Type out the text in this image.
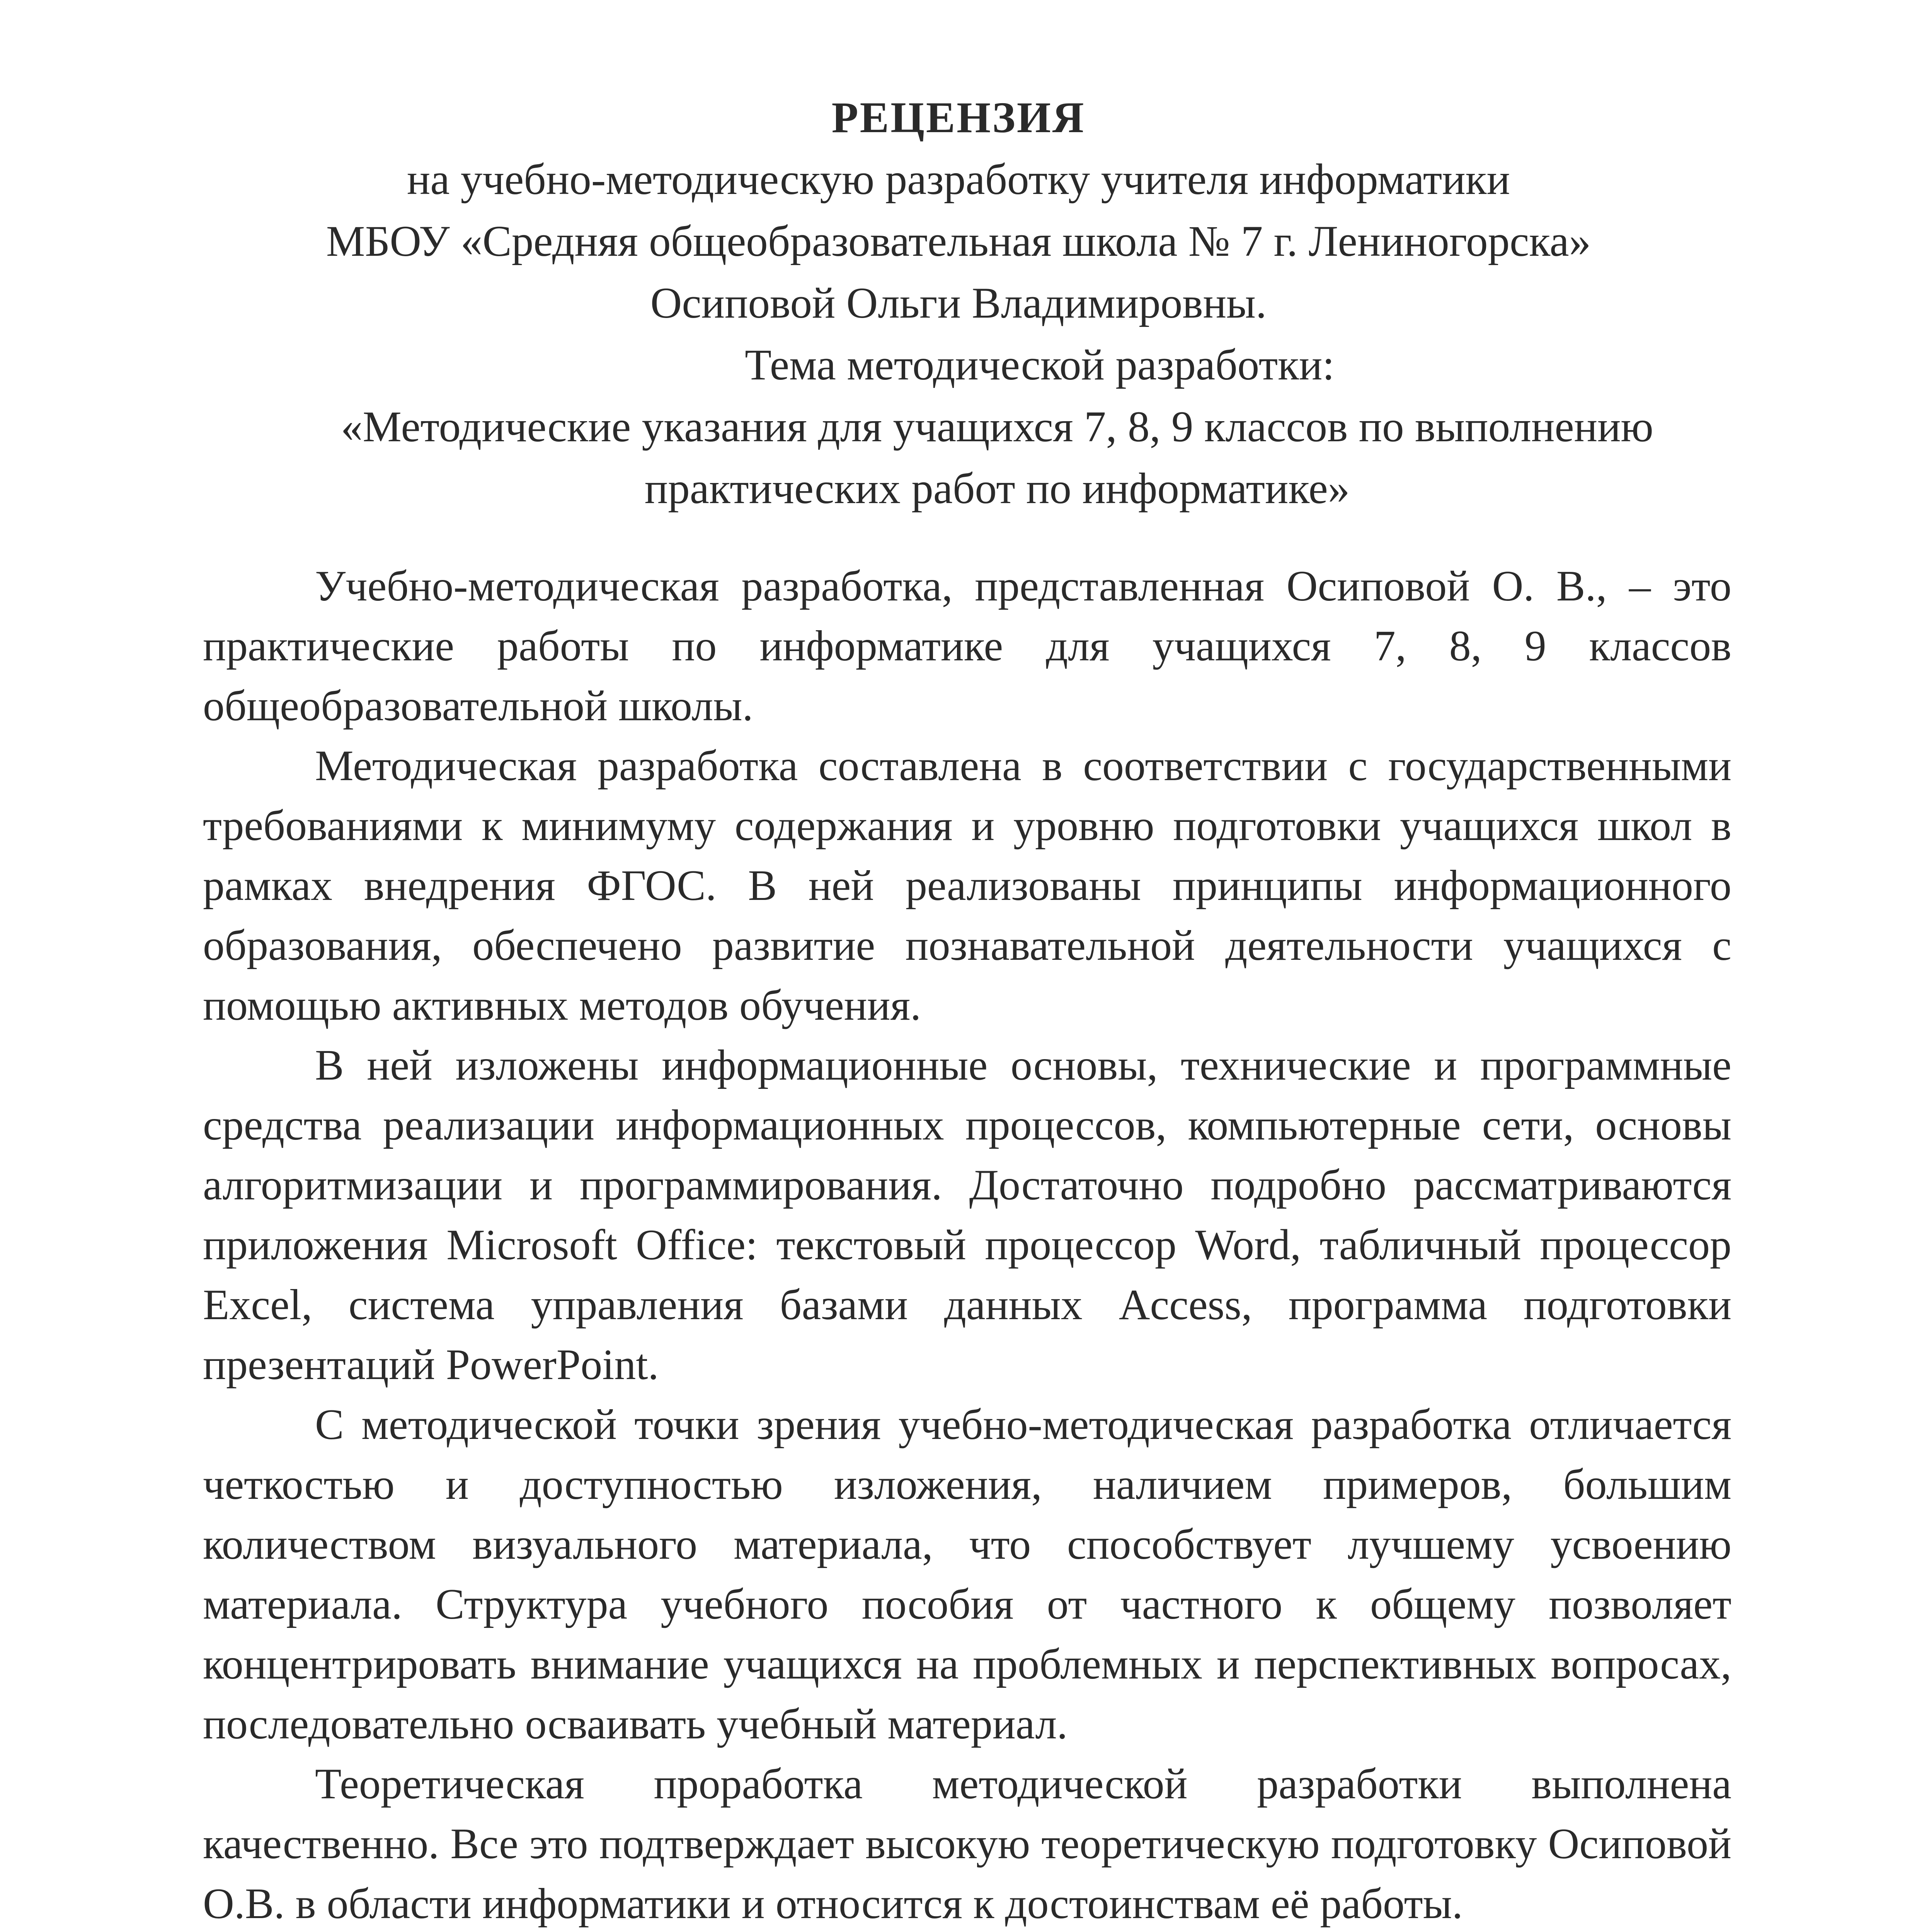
РЕЦЕНЗИЯ
на учебно-методическую разработку учителя информатики
МБОУ «Средняя общеобразовательная школа № 7 г. Лениногорска»
Осиповой Ольги Владимировны.
Тема методической разработки:
«Методические указания для учащихся 7, 8, 9 классов по выполнению
практических работ по информатике»

Учебно-методическая разработка, представленная Осиповой О. В., – это практические работы по информатике для учащихся 7, 8, 9 классов общеобразовательной школы.

Методическая разработка составлена в соответствии с государственными требованиями к минимуму содержания и уровню подготовки учащихся школ в рамках внедрения ФГОС. В ней реализованы принципы информационного образования, обеспечено развитие познавательной деятельности учащихся с помощью активных методов обучения.

В ней изложены информационные основы, технические и программные средства реализации информационных процессов, компьютерные сети, основы алгоритмизации и программирования. Достаточно подробно рассматриваются приложения Microsoft Office: текстовый процессор Word, табличный процессор Excel, система управления базами данных Access, программа подготовки презентаций PowerPoint.

С методической точки зрения учебно-методическая разработка отличается четкостью и доступностью изложения, наличием примеров, большим количеством визуального материала, что способствует лучшему усвоению материала. Структура учебного пособия от частного к общему позволяет концентрировать внимание учащихся на проблемных и перспективных вопросах, последовательно осваивать учебный материал.

Теоретическая проработка методической разработки выполнена качественно. Все это подтверждает высокую теоретическую подготовку Осиповой О.В. в области информатики и относится к достоинствам её работы.
